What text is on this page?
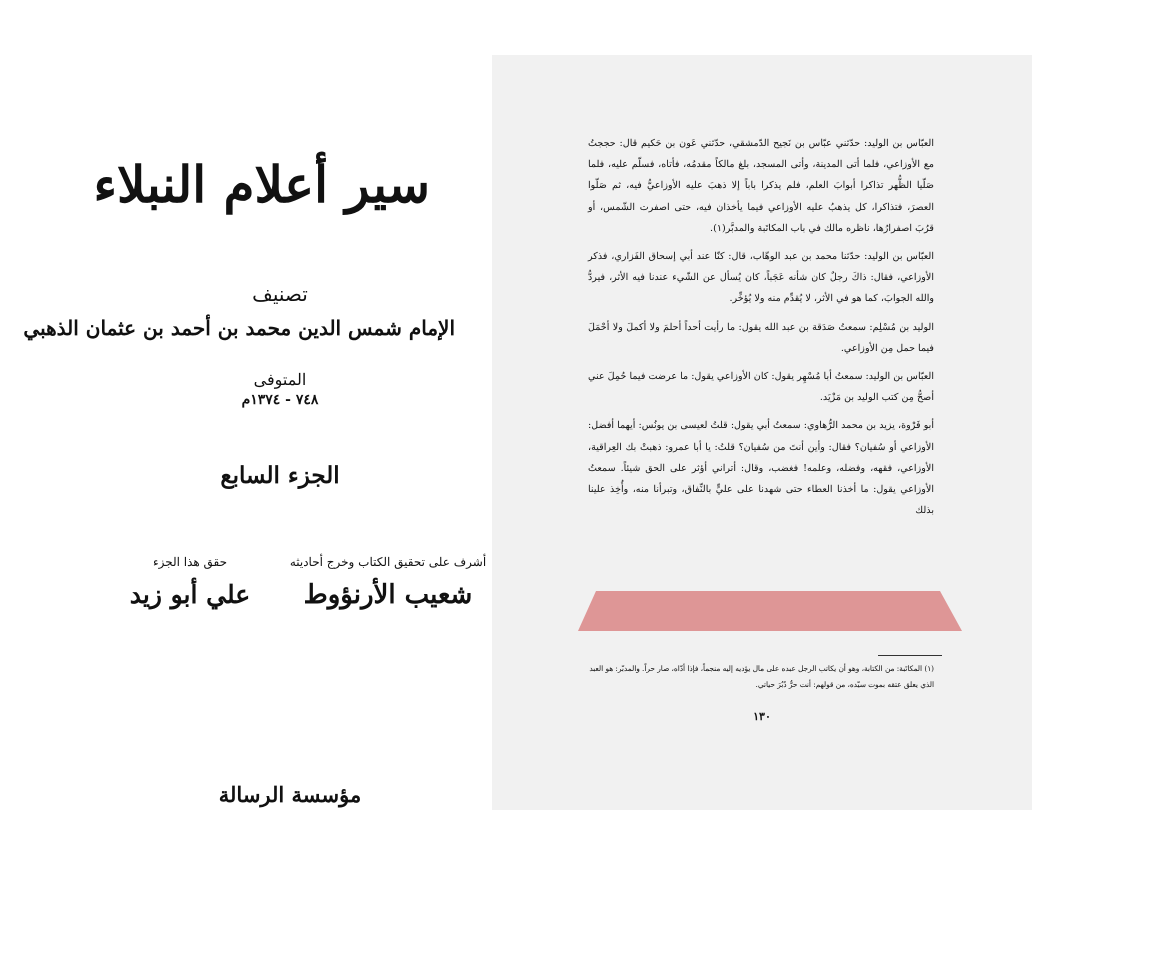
سير أعلام النبلاء
تصنيف
الإمام شمس الدين محمد بن أحمد بن عثمان الذهبي
المتوفى
٧٤٨ - ١٣٧٤م
الجزء السابع
أشرف على تحقيق الكتاب وخرج أحاديثه
شعيب الأرنؤوط
حقق هذا الجزء
علي أبو زيد
مؤسسة الرسالة

العبّاس بن الوليد: حدّثني عبّاس بن نَجيح الدّمشقي، حدّثني عَون بن حَكيم قال: حججتُ مع الأوزاعي، فلما أتى المدينة، وأتى المسجد، بلغ مالكاً مقدمُه، فأتاه، فسلّم عليه، فلما صَلّيا الظُّهر تذاكرا أبوابَ العلم، فلم يذكرا باباً إلا ذهبَ عليه الأوزاعيُّ فيه، ثم صَلّوا العصرَ، فتذاكرا، كل يذهبُ عليه الأوزاعي فيما يأخذان فيه، حتى اصفرت الشّمس، أو قرُبَ اصفرارُها، ناظره مالك في باب المكاتَبة والمدبَّر(١).

العبّاس بن الوليد: حدّثنا محمد بن عبد الوهّاب، قال: كنّا عند أبي إسحاق الفَزاري، فذكر الأوزاعي، فقال: ذاكَ رجلٌ كان شأنه عَجَباً، كان يُسأل عن الشّيء عندنا فيه الأثر، فيردُّ والله الجوابَ، كما هو في الأثر، لا يُقدِّم منه ولا يُؤخِّر.

الوليد بن مُسْلِم: سمعتُ صَدَقة بن عبد الله يقول: ما رأيت أحداً أحلمَ ولا أكملَ ولا أحْمَلَ فيما حمل مِن الأوزاعي.

العبّاس بن الوليد: سمعتُ أبا مُسْهِر يقول: كان الأوزاعي يقول: ما عرضت فيما حُمِلَ عني أصحُّ مِن كتب الوليد بن مَزْيَد.

أبو فَرْوة، يزيد بن محمد الرُّهاوي: سمعتُ أبي يقول: قلتُ لعيسى بن يونُس: أيهما أفضل: الأوزاعي أو سُفيان؟ فقال: وأين أنتَ من سُفيان؟ قلتُ: يا أبا عمرو: ذهبتْ بك العِراقية، الأوزاعي، فقهه، وفضله، وعلمه! فغضب، وقال: أتراني أؤثر على الحق شيئاً. سمعتُ الأوزاعي يقول: ما أخذنا العطاء حتى شهدنا على عليٍّ بالنِّفاق، وتبرأنا منه، وأُخِذ علينا بذلك

(١) المكاتَبة: من الكتابة، وهو أن يكاتب الرجل عبده على مال يؤديه إليه منجماً، فإذا أدّاه، صار حراً. والمدبّر: هو العبد الذي يعلق عتقه بموت سيّده، من قولهم: أنت حرٌّ دُبُرَ حياتي.
١٣٠
